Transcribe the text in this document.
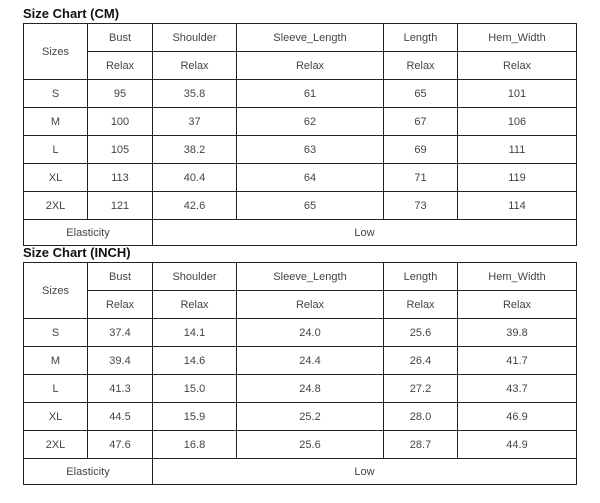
Size Chart (CM)
Sizes	Bust	Shoulder	Sleeve_Length	Length	Hem_Width
	Relax	Relax	Relax	Relax	Relax
S	95	35.8	61	65	101
M	100	37	62	67	106
L	105	38.2	63	69	111
XL	113	40.4	64	71	119
2XL	121	42.6	65	73	114
Elasticity		Low			
Size Chart (INCH)
Sizes	Bust	Shoulder	Sleeve_Length	Length	Hem_Width
	Relax	Relax	Relax	Relax	Relax
S	37.4	14.1	24.0	25.6	39.8
M	39.4	14.6	24.4	26.4	41.7
L	41.3	15.0	24.8	27.2	43.7
XL	44.5	15.9	25.2	28.0	46.9
2XL	47.6	16.8	25.6	28.7	44.9
Elasticity		Low			
